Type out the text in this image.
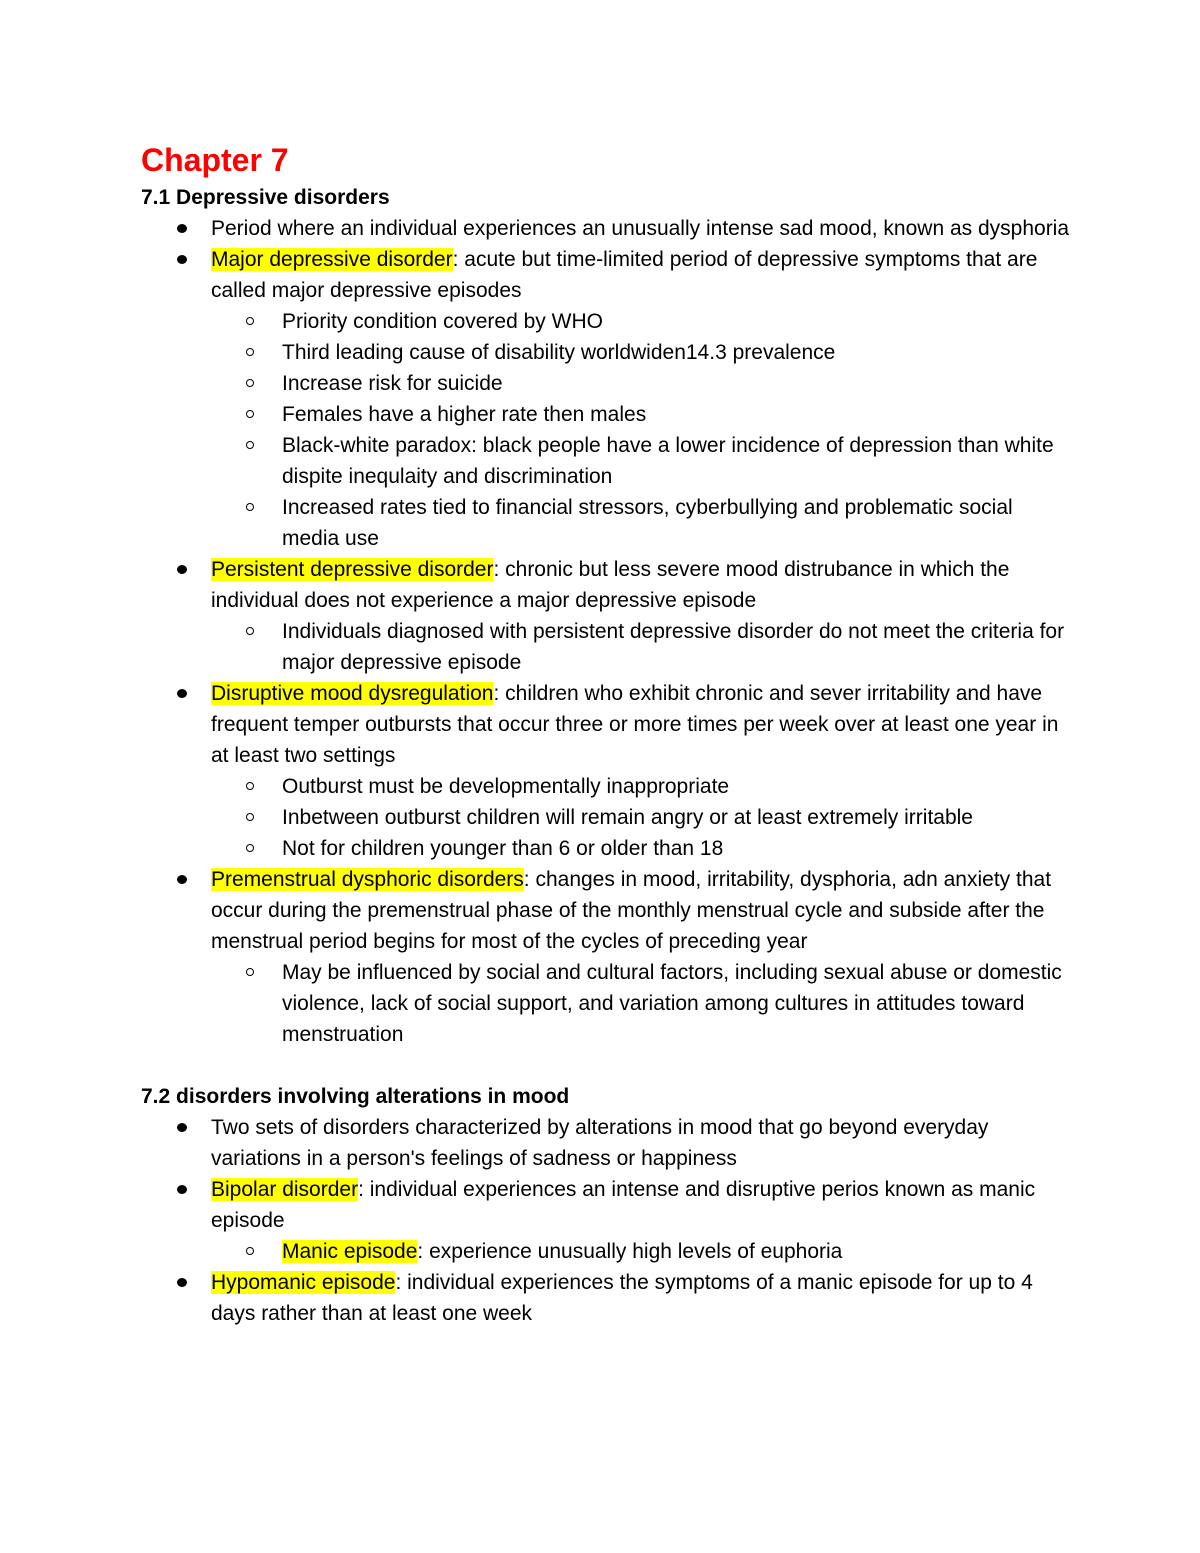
Chapter 7
7.1 Depressive disorders
Period where an individual experiences an unusually intense sad mood, known as dysphoria
Major depressive disorder: acute but time-limited period of depressive symptoms that are called major depressive episodes
Priority condition covered by WHO
Third leading cause of disability worldwiden14.3 prevalence
Increase risk for suicide
Females have a higher rate then males
Black-white paradox: black people have a lower incidence of depression than white dispite inequlaity and discrimination
Increased rates tied to financial stressors, cyberbullying and problematic social media use
Persistent depressive disorder: chronic but less severe mood distrubance in which the individual does not experience a major depressive episode
Individuals diagnosed with persistent depressive disorder do not meet the criteria for major depressive episode
Disruptive mood dysregulation: children who exhibit chronic and sever irritability and have frequent temper outbursts that occur three or more times per week over at least one year in at least two settings
Outburst must be developmentally inappropriate
Inbetween outburst children will remain angry or at least extremely irritable
Not for children younger than 6 or older than 18
Premenstrual dysphoric disorders: changes in mood, irritability, dysphoria, adn anxiety that occur during the premenstrual phase of the monthly menstrual cycle and subside after the menstrual period begins for most of the cycles of preceding year
May be influenced by social and cultural factors, including sexual abuse or domestic violence, lack of social support, and variation among cultures in attitudes toward menstruation
7.2 disorders involving alterations in mood
Two sets of disorders characterized by alterations in mood that go beyond everyday variations in a person's feelings of sadness or happiness
Bipolar disorder: individual experiences an intense and disruptive perios known as manic episode
Manic episode: experience unusually high levels of euphoria
Hypomanic episode: individual experiences the symptoms of a manic episode for up to 4 days rather than at least one week
